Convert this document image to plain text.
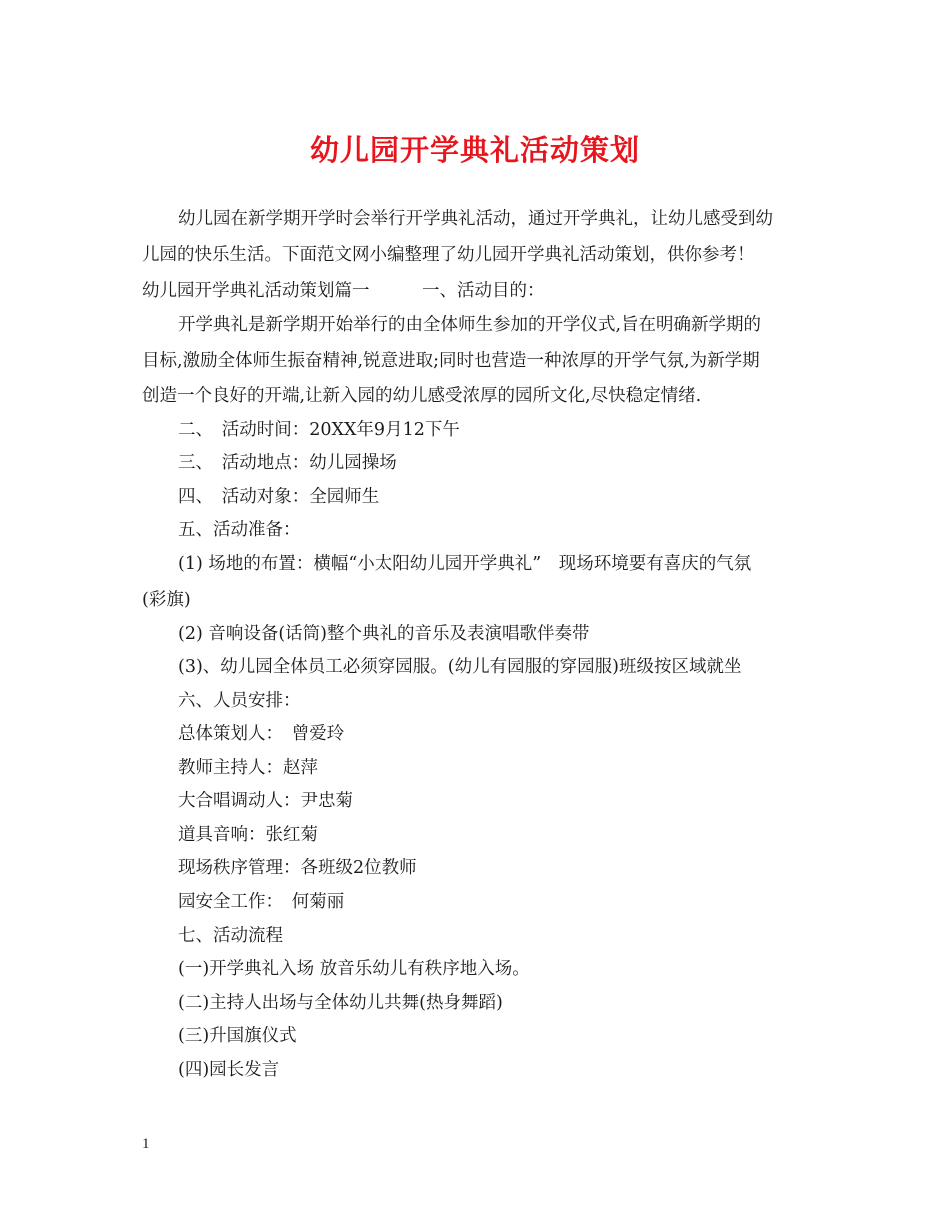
幼儿园开学典礼活动策划
幼儿园在新学期开学时会举行开学典礼活动，通过开学典礼，让幼儿感受到幼
儿园的快乐生活。下面范文网小编整理了幼儿园开学典礼活动策划，供你参考！
幼儿园开学典礼活动策划篇一　　　一、活动目的：
开学典礼是新学期开始举行的由全体师生参加的开学仪式,旨在明确新学期的
目标,激励全体师生振奋精神,锐意进取;同时也营造一种浓厚的开学气氛,为新学期
创造一个良好的开端,让新入园的幼儿感受浓厚的园所文化,尽快稳定情绪.
二、　活动时间：20XX年9月12下午
三、　活动地点：幼儿园操场
四、　活动对象：全园师生
五、活动准备：
(1) 场地的布置：横幅“小太阳幼儿园开学典礼”　现场环境要有喜庆的气氛
(彩旗)
(2) 音响设备(话筒)整个典礼的音乐及表演唱歌伴奏带
(3)、幼儿园全体员工必须穿园服。(幼儿有园服的穿园服)班级按区域就坐
六、人员安排：
总体策划人：　曾爱玲
教师主持人：赵萍
大合唱调动人：尹忠菊
道具音响：张红菊
现场秩序管理：各班级2位教师
园安全工作：　何菊丽
七、活动流程
(一)开学典礼入场 放音乐幼儿有秩序地入场。
(二)主持人出场与全体幼儿共舞(热身舞蹈)
(三)升国旗仪式
(四)园长发言
1
